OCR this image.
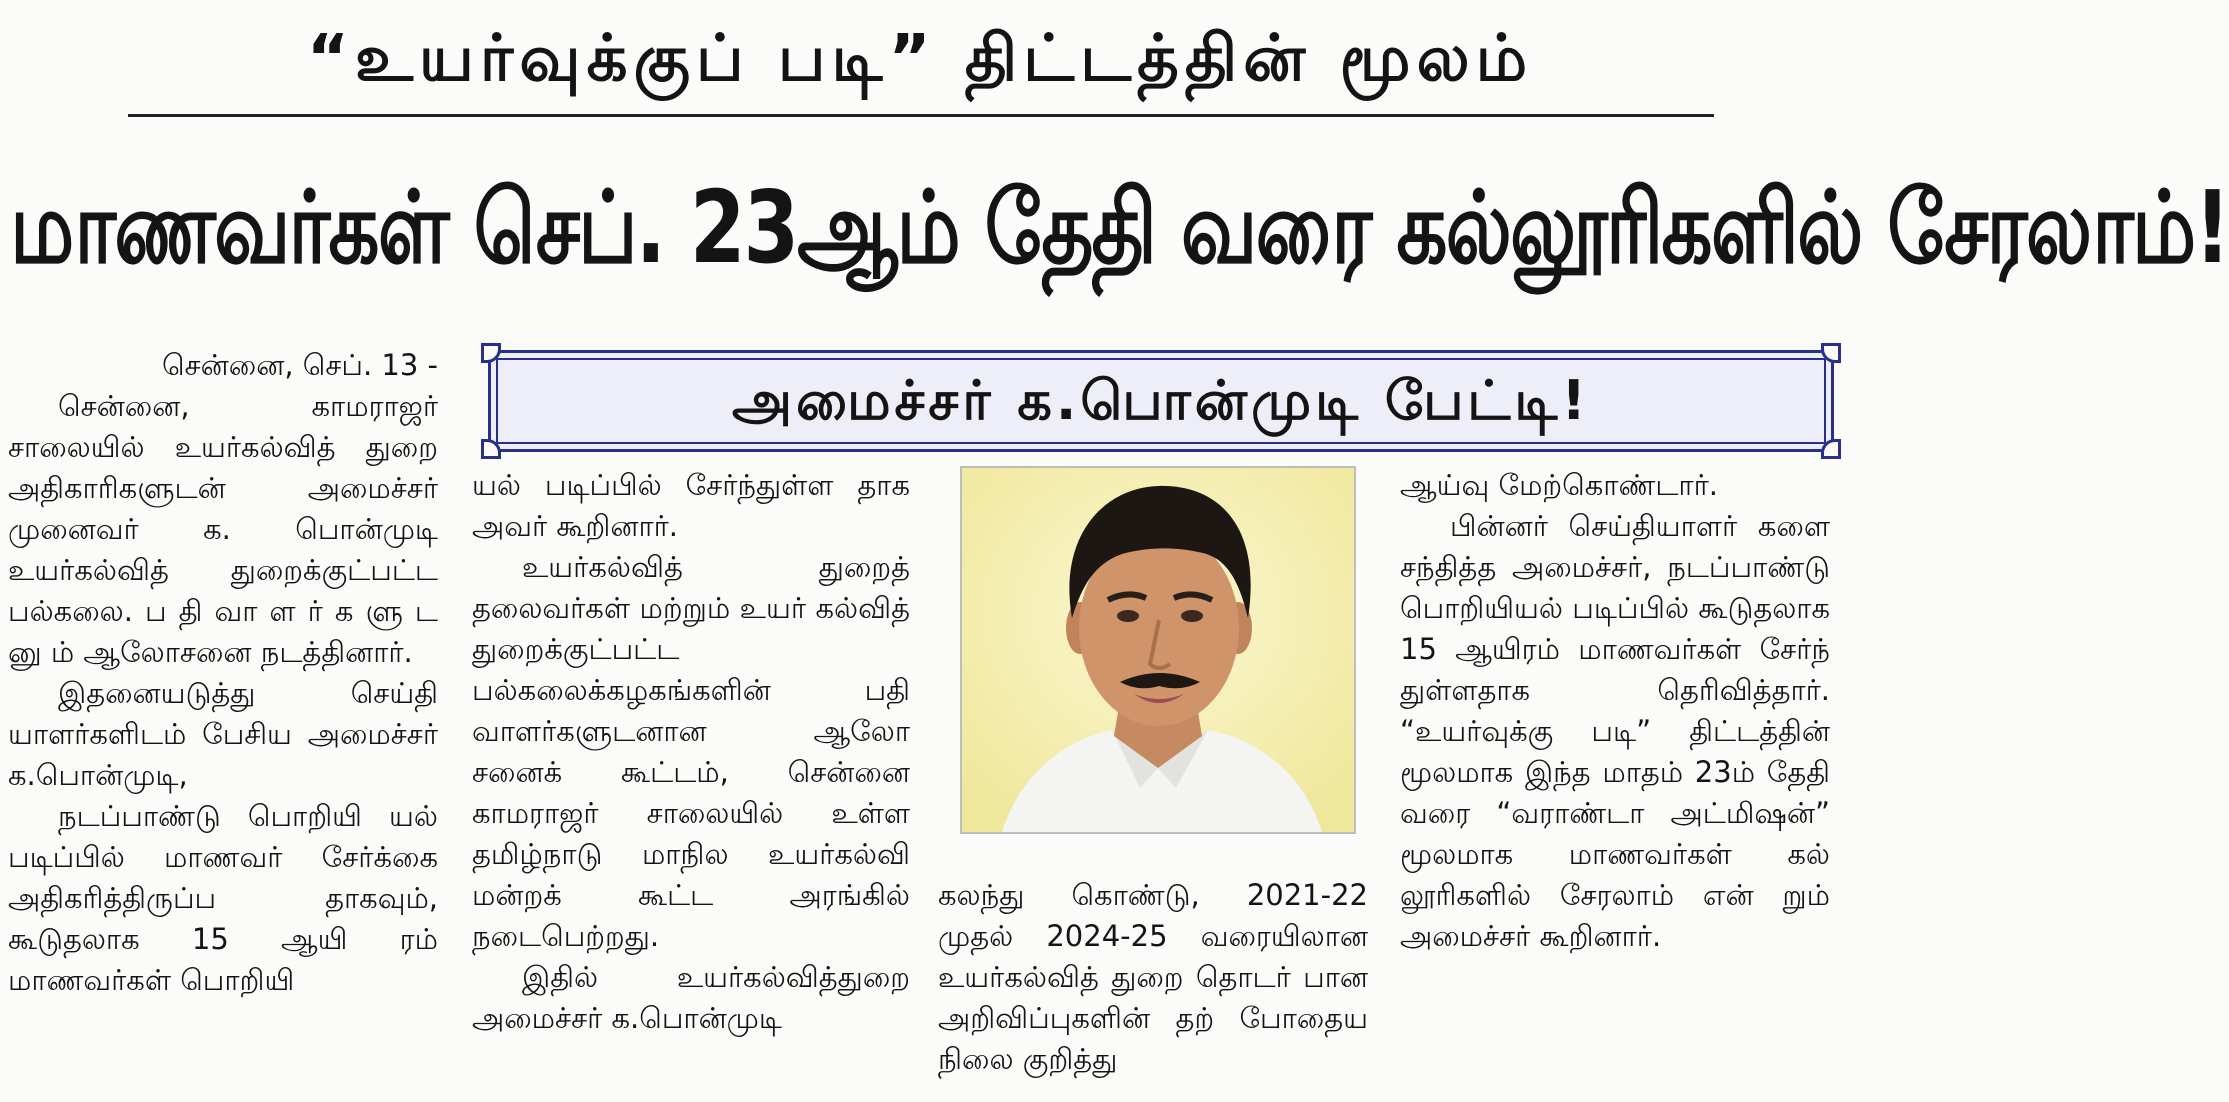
“உயர்வுக்குப் படி” திட்டத்தின் மூலம்
மாணவர்கள் செப். 23ஆம் தேதி வரை கல்லூரிகளில் சேரலாம்!

சென்னை, செப். 13 -

சென்னை, காமராஜர் சாலையில் உயர்கல்வித் துறை அதிகாரிகளுடன் அமைச்சர் முனைவர் க. பொன்முடி உயர்கல்வித் துறைக்குட்பட்ட பல்கலை. ப தி வா ள ர் க ளு ட னு ம் ஆலோசனை நடத்தினார்.

இதனையடுத்து செய்தி யாளர்களிடம் பேசிய அமைச்சர் க.பொன்முடி,

நடப்பாண்டு பொறியி யல் படிப்பில் மாணவர் சேர்க்கை அதிகரித்திருப்ப தாகவும், கூடுதலாக 15 ஆயி ரம் மாணவர்கள் பொறியி

அமைச்சர் க.பொன்முடி பேட்டி!

யல் படிப்பில் சேர்ந்துள்ள தாக அவர் கூறினார்.

உயர்கல்வித் துறைத் தலைவர்கள் மற்றும் உயர் கல்வித் துறைக்குட்பட்ட பல்கலைக்கழகங்களின் பதி வாளர்களுடனான ஆலோ சனைக் கூட்டம், சென்னை காமராஜர் சாலையில் உள்ள தமிழ்நாடு மாநில உயர்கல்வி மன்றக் கூட்ட அரங்கில் நடைபெற்றது.

இதில் உயர்கல்வித்துறை அமைச்சர் க.பொன்முடி

கலந்து கொண்டு, 2021-22 முதல் 2024-25 வரையிலான உயர்கல்வித் துறை தொடர் பான அறிவிப்புகளின் தற் போதைய நிலை குறித்து

ஆய்வு மேற்கொண்டார்.

பின்னர் செய்தியாளர் களை சந்தித்த அமைச்சர், நடப்பாண்டு பொறியியல் படிப்பில் கூடுதலாக 15 ஆயிரம் மாணவர்கள் சேர்ந் துள்ளதாக தெரிவித்தார். “உயர்வுக்கு படி” திட்டத்தின் மூலமாக இந்த மாதம் 23ம் தேதி வரை “வராண்டா அட்மிஷன்” மூலமாக மாணவர்கள் கல் லூரிகளில் சேரலாம் என் றும் அமைச்சர் கூறினார்.
